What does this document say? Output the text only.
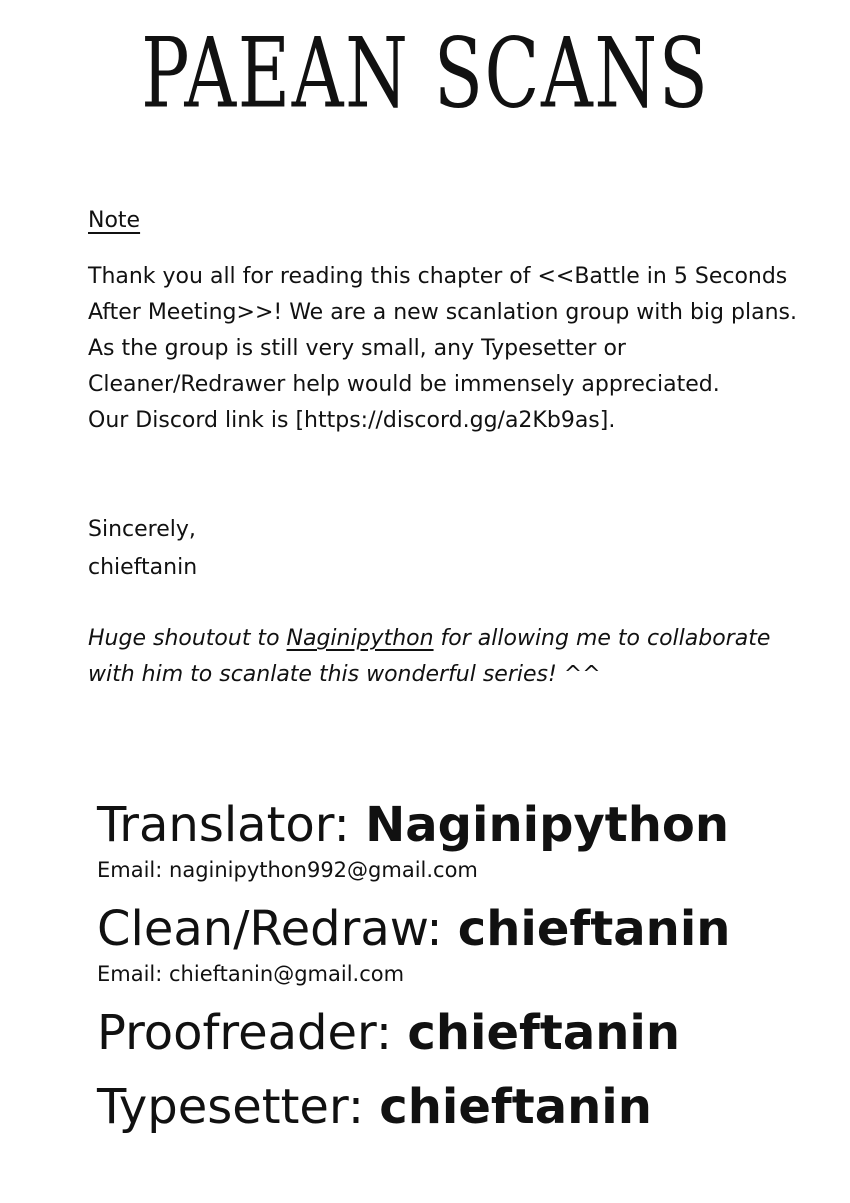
PAEAN SCANS
Note
Thank you all for reading this chapter of <<Battle in 5 Seconds
After Meeting>>! We are a new scanlation group with big plans.
As the group is still very small, any Typesetter or
Cleaner/Redrawer help would be immensely appreciated.
Our Discord link is [https://discord.gg/a2Kb9as].
Sincerely,
chieftanin
Huge shoutout to Naginipython for allowing me to collaborate
with him to scanlate this wonderful series! ^^
Translator: Naginipython
Email: naginipython992@gmail.com
Clean/Redraw: chieftanin
Email: chieftanin@gmail.com
Proofreader: chieftanin
Typesetter: chieftanin
